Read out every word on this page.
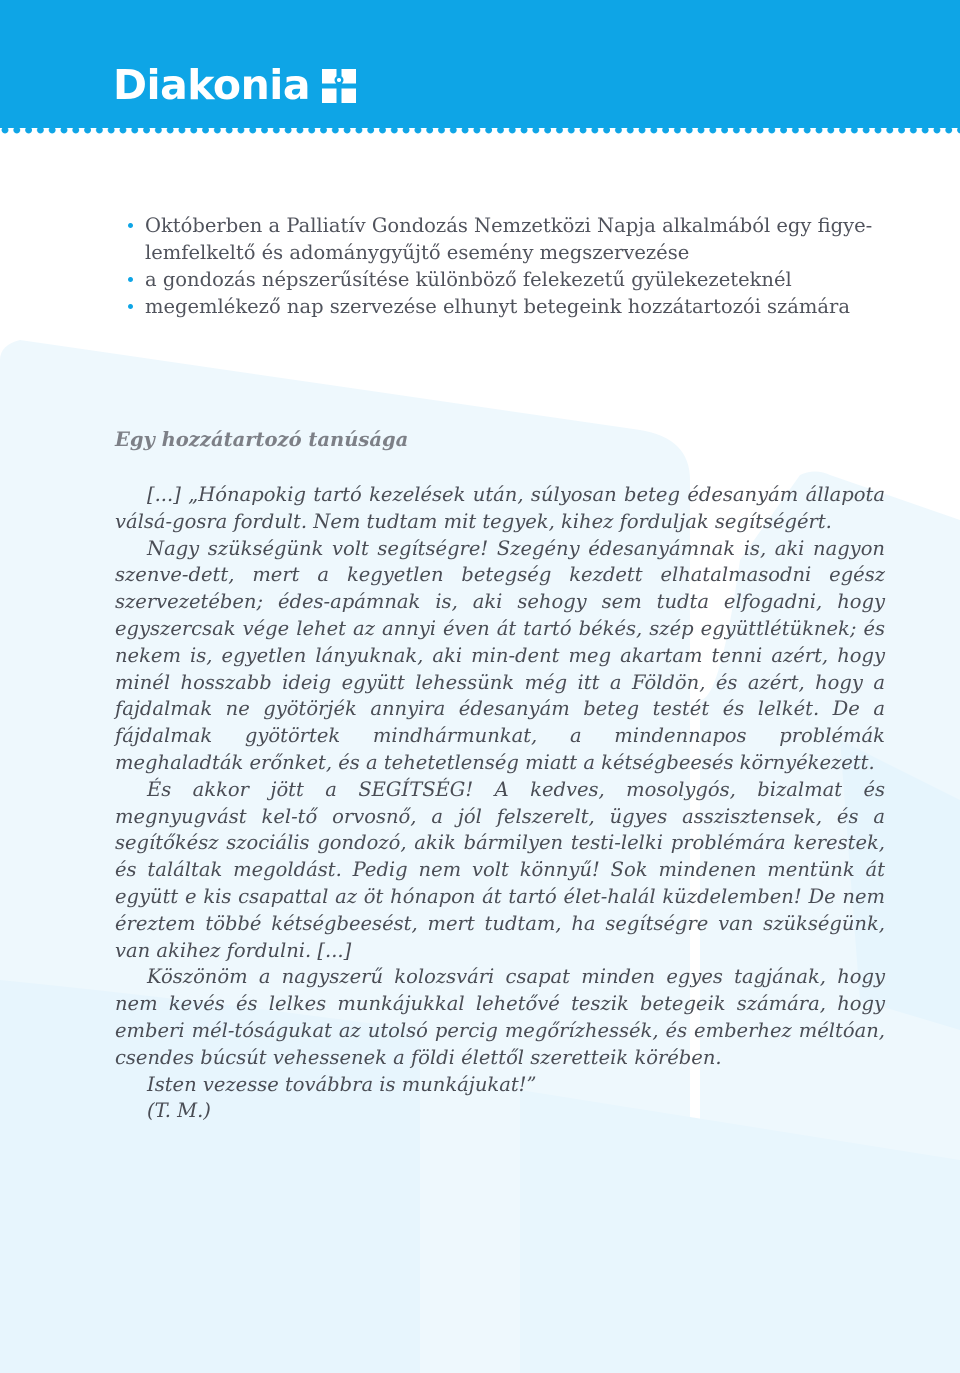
Diakonia
Októberben a Palliatív Gondozás Nemzetközi Napja alkalmából egy figye-lemfelkeltő és adománygyűjtő esemény megszervezése
a gondozás népszerűsítése különböző felekezetű gyülekezeteknél
megemlékező nap szervezése elhunyt betegeink hozzátartozói számára
Egy hozzátartozó tanúsága

[...] „Hónapokig tartó kezelések után, súlyosan beteg édesanyám állapota válsá-gosra fordult. Nem tudtam mit tegyek, kihez forduljak segítségért.

Nagy szükségünk volt segítségre! Szegény édesanyámnak is, aki nagyon szenve-dett, mert a kegyetlen betegség kezdett elhatalmasodni egész szervezetében; édes-apámnak is, aki sehogy sem tudta elfogadni, hogy egyszercsak vége lehet az annyi éven át tartó békés, szép együttlétüknek; és nekem is, egyetlen lányuknak, aki min-dent meg akartam tenni azért, hogy minél hosszabb ideig együtt lehessünk még itt a Földön, és azért, hogy a fajdalmak ne gyötörjék annyira édesanyám beteg testét és lelkét. De a fájdalmak gyötörtek mindhármunkat, a mindennapos problémák meghaladták erőnket, és a tehetetlenség miatt a kétségbeesés környékezett.

És akkor jött a SEGÍTSÉG! A kedves, mosolygós, bizalmat és megnyugvást kel-tő orvosnő, a jól felszerelt, ügyes asszisztensek, és a segítőkész szociális gondozó, akik bármilyen testi-lelki problémára kerestek, és találtak megoldást. Pedig nem volt könnyű! Sok mindenen mentünk át együtt e kis csapattal az öt hónapon át tartó élet-halál küzdelemben! De nem éreztem többé kétségbeesést, mert tudtam, ha segítségre van szükségünk, van akihez fordulni. [...]

Köszönöm a nagyszerű kolozsvári csapat minden egyes tagjának, hogy nem kevés és lelkes munkájukkal lehetővé teszik betegeik számára, hogy emberi mél-tóságukat az utolsó percig megőrízhessék, és emberhez méltóan, csendes búcsút vehessenek a földi élettől szeretteik körében.

Isten vezesse továbbra is munkájukat!”

(T. M.)
